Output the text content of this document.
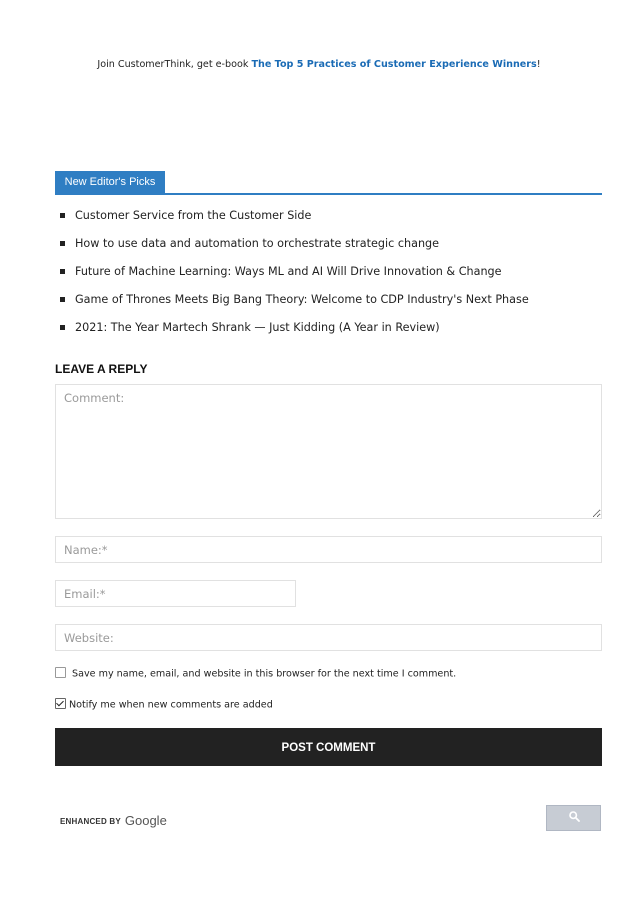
Join CustomerThink, get e-book The Top 5 Practices of Customer Experience Winners!
New Editor's Picks
Customer Service from the Customer Side
How to use data and automation to orchestrate strategic change
Future of Machine Learning: Ways ML and AI Will Drive Innovation & Change
Game of Thrones Meets Big Bang Theory: Welcome to CDP Industry's Next Phase
2021: The Year Martech Shrank — Just Kidding (A Year in Review)
LEAVE A REPLY
Comment:
Name:*
Email:*
Website:
Save my name, email, and website in this browser for the next time I comment.
Notify me when new comments are added
POST COMMENT
ENHANCED BY Google
